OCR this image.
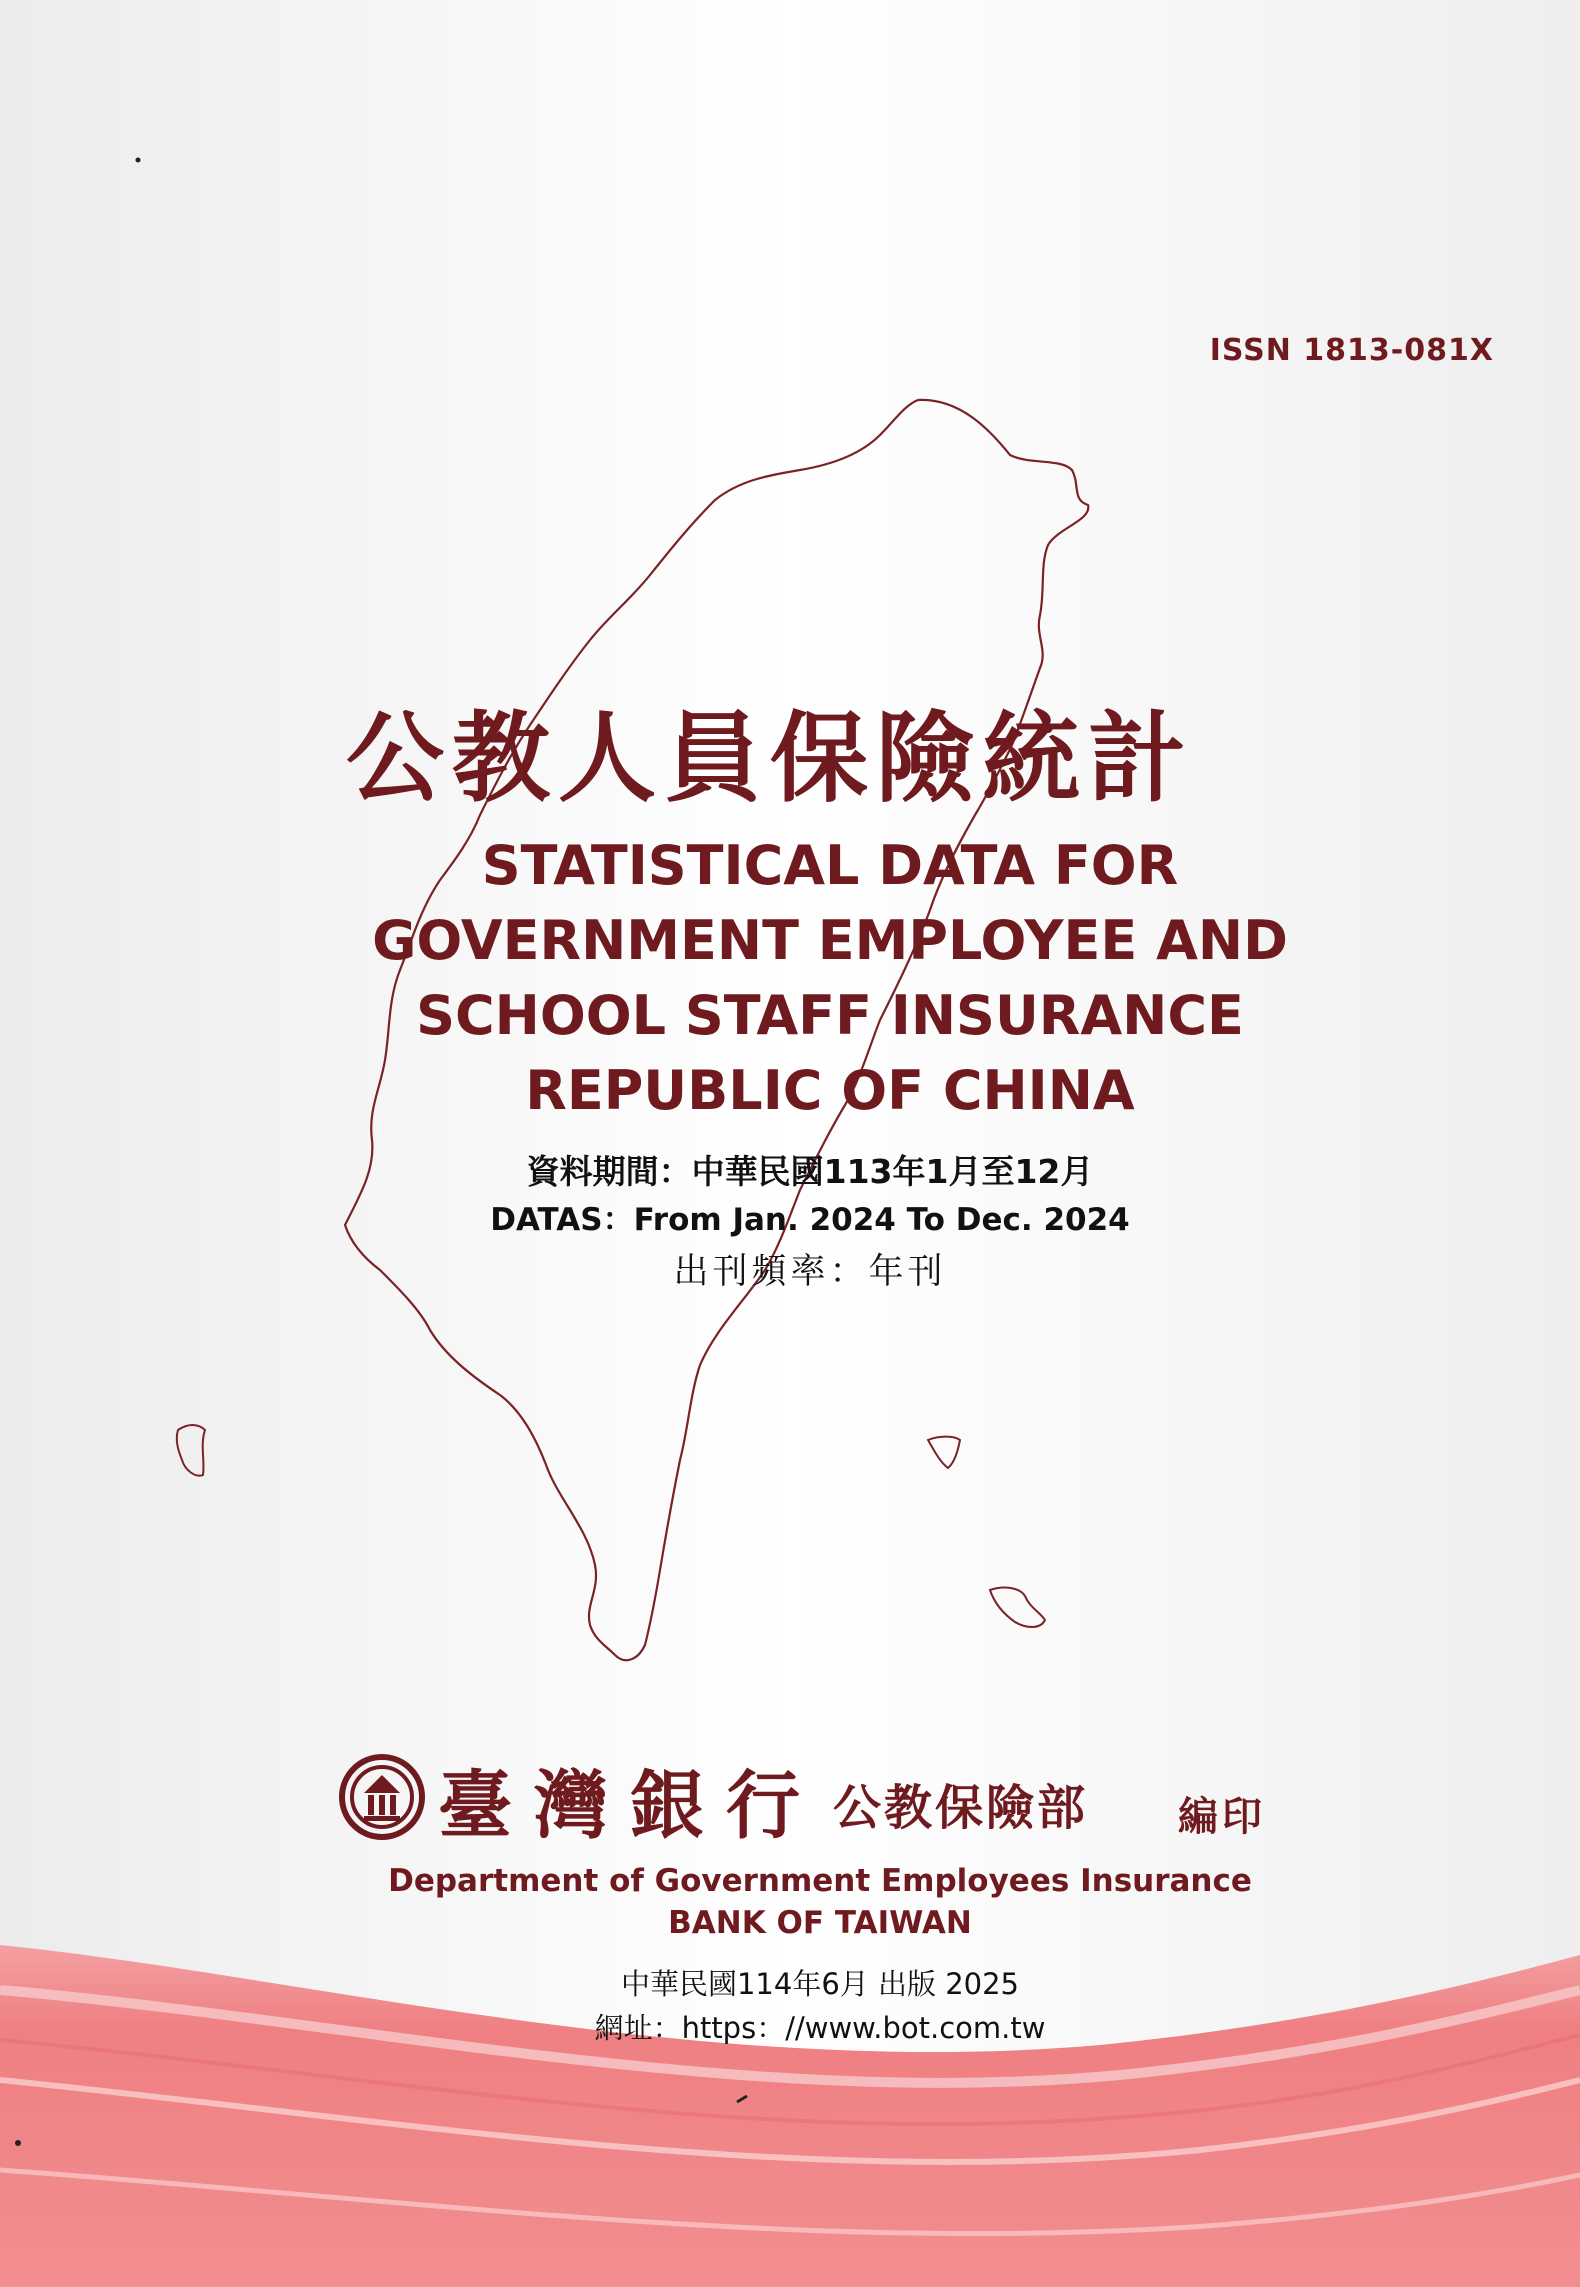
ISSN 1813-081X
公教人員保險統計
STATISTICAL DATA FOR
GOVERNMENT EMPLOYEE AND
SCHOOL STAFF INSURANCE
REPUBLIC OF CHINA
資料期間：中華民國113年1月至12月
DATAS：From Jan. 2024 To Dec. 2024
出刊頻率：年刊
臺灣銀行 公教保險部 編印
Department of Government Employees Insurance
BANK OF TAIWAN
中華民國114年6月 出版 2025
網址：https：//www.bot.com.tw
